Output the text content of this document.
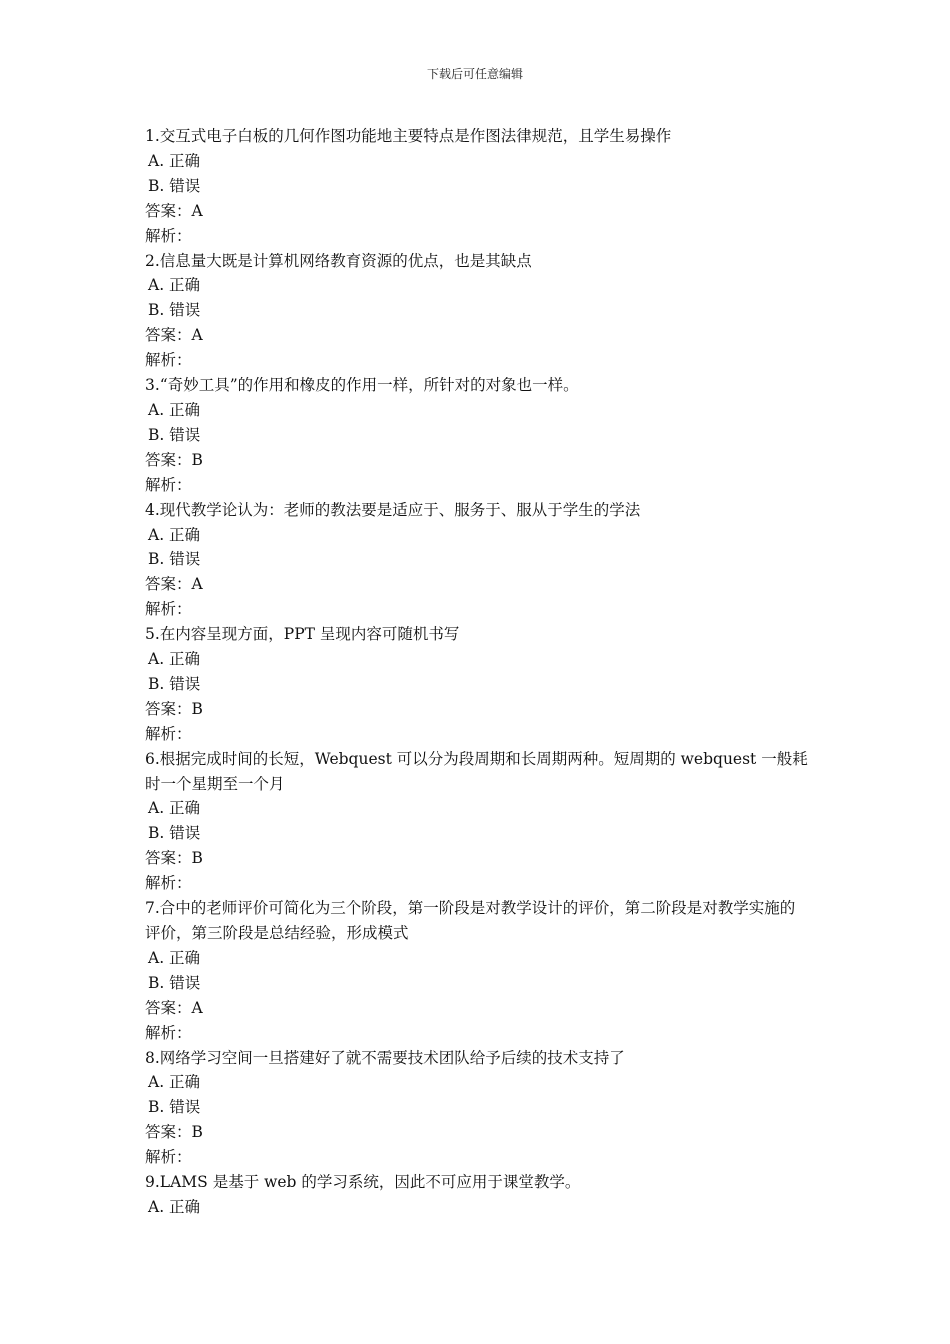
下载后可任意编辑

1.交互式电子白板的几何作图功能地主要特点是作图法律规范，且学生易操作

A. 正确

B. 错误

答案：A

解析：

2.信息量大既是计算机网络教育资源的优点，也是其缺点

A. 正确

B. 错误

答案：A

解析：

3.“奇妙工具”的作用和橡皮的作用一样，所针对的对象也一样。

A. 正确

B. 错误

答案：B

解析：

4.现代教学论认为：老师的教法要是适应于、服务于、服从于学生的学法

A. 正确

B. 错误

答案：A

解析：

5.在内容呈现方面，PPT 呈现内容可随机书写

A. 正确

B. 错误

答案：B

解析：

6.根据完成时间的长短，Webquest 可以分为段周期和长周期两种。短周期的 webquest 一般耗时一个星期至一个月

A. 正确

B. 错误

答案：B

解析：

7.合中的老师评价可简化为三个阶段，第一阶段是对教学设计的评价，第二阶段是对教学实施的评价，第三阶段是总结经验，形成模式

A. 正确

B. 错误

答案：A

解析：

8.网络学习空间一旦搭建好了就不需要技术团队给予后续的技术支持了

A. 正确

B. 错误

答案：B

解析：

9.LAMS 是基于 web 的学习系统，因此不可应用于课堂教学。

A. 正确
